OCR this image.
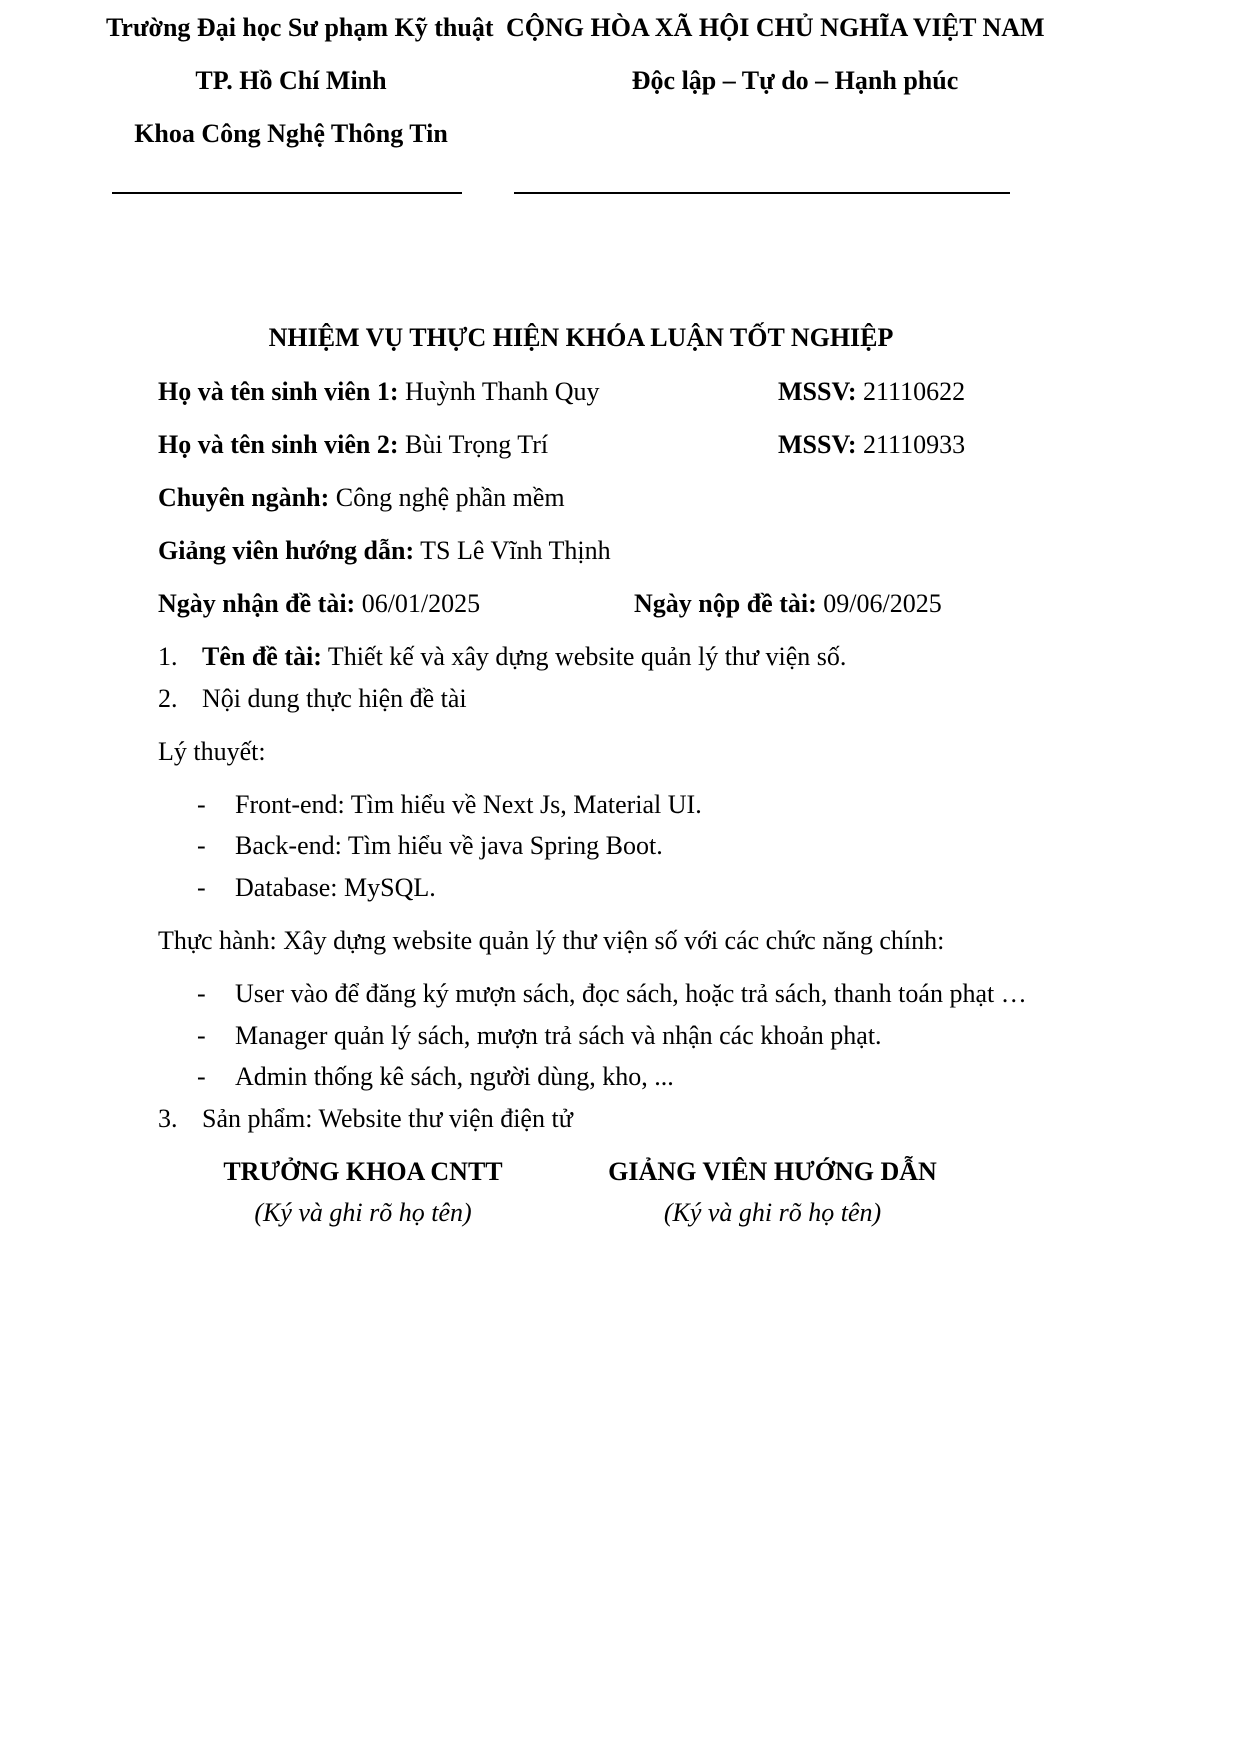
Trường Đại học Sư phạm Kỹ thuật
TP. Hồ Chí Minh
Khoa Công Nghệ Thông Tin
CỘNG HÒA XÃ HỘI CHỦ NGHĨA VIỆT NAM
Độc lập – Tự do – Hạnh phúc
NHIỆM VỤ THỰC HIỆN KHÓA LUẬN TỐT NGHIỆP
Họ và tên sinh viên 1: Huỳnh Thanh Quy	MSSV: 21110622
Họ và tên sinh viên 2: Bùi Trọng Trí	MSSV: 21110933
Chuyên ngành: Công nghệ phần mềm
Giảng viên hướng dẫn: TS Lê Vĩnh Thịnh
Ngày nhận đề tài: 06/01/2025	Ngày nộp đề tài: 09/06/2025
1. Tên đề tài: Thiết kế và xây dựng website quản lý thư viện số.
2. Nội dung thực hiện đề tài
Lý thuyết:
- Front-end: Tìm hiểu về Next Js, Material UI.
- Back-end: Tìm hiểu về java Spring Boot.
- Database: MySQL.
Thực hành: Xây dựng website quản lý thư viện số với các chức năng chính:
- User vào để đăng ký mượn sách, đọc sách, hoặc trả sách, thanh toán phạt …
- Manager quản lý sách, mượn trả sách và nhận các khoản phạt.
- Admin thống kê sách, người dùng, kho, ...
3. Sản phẩm: Website thư viện điện tử
TRƯỞNG KHOA CNTT
(Ký và ghi rõ họ tên)
GIẢNG VIÊN HƯỚNG DẪN
(Ký và ghi rõ họ tên)
